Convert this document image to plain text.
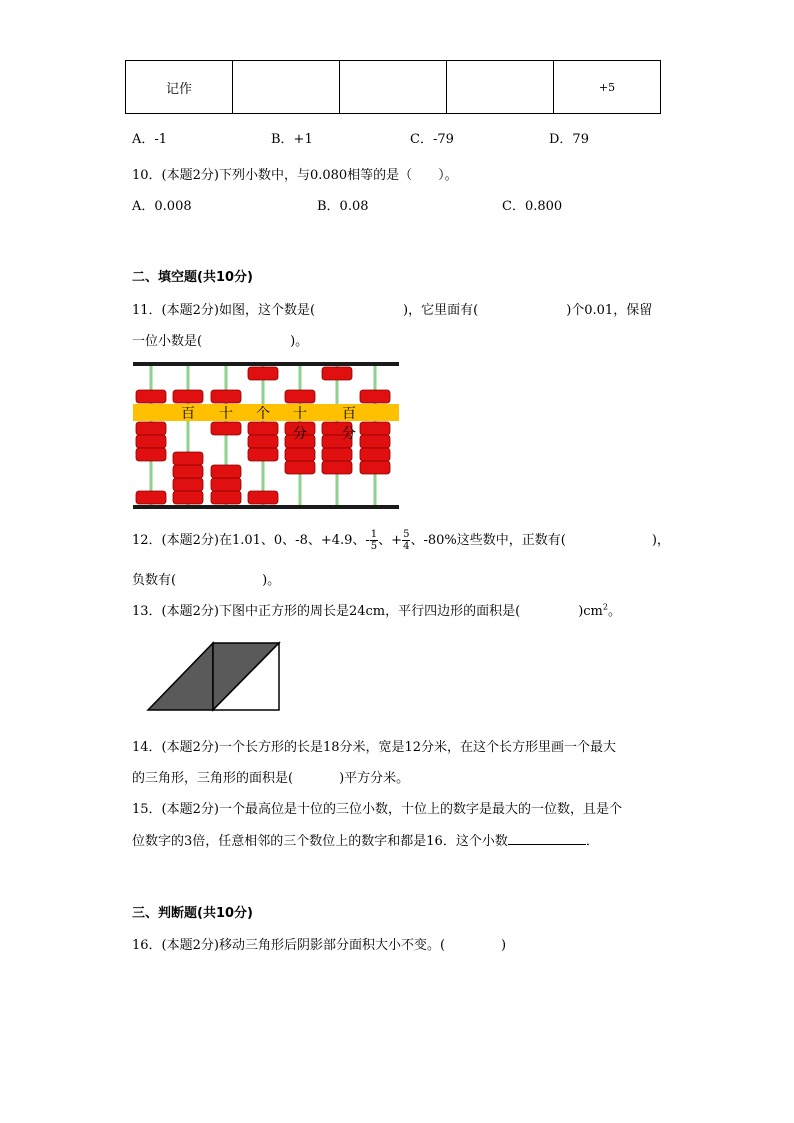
记作				+5
A．-1	B．+1	C．-79	D．79
10．(本题2分)下列小数中，与0.080相等的是（　　）。
A．0.008	B．0.08	C．0.800
二、填空题(共10分)
11．(本题2分)如图，这个数是(	)，它里面有(	)个0.01，保留
一位小数是(	)。
百 十 个 十	百
分	分
12．(本题2分)在1.01、0、-8、+4.9、- $\frac{1}{5}$ 、+ $\frac{5}{4}$ 、-80%这些数中，正数有(	)，
负数有(	)。
13．(本题2分)下图中正方形的周长是24cm，平行四边形的面积是(	)$cm^2$。
14．(本题2分)一个长方形的长是18分米，宽是12分米，在这个长方形里画一个最大
的三角形，三角形的面积是(	)平方分米。
15．(本题2分)一个最高位是十位的三位小数，十位上的数字是最大的一位数，且是个
位数字的3倍，任意相邻的三个数位上的数字和都是16．这个小数	．
三、判断题(共10分)
16．(本题2分)移动三角形后阴影部分面积大小不变。(	)
